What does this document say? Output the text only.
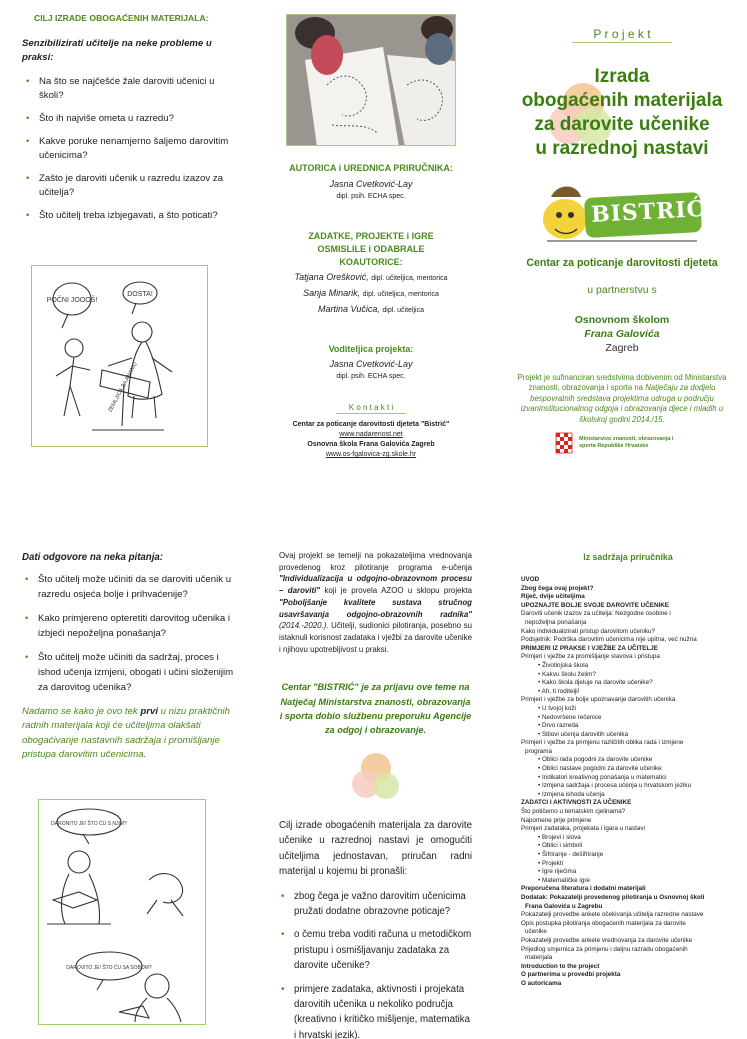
CILJ IZRADE OBOGAĆENIH MATERIJALA:
Senzibilizirati učitelje na neke probleme u praksi:
• Na što se najčešće žale daroviti učenici u školi?
• Što ih najviše ometa u razredu?
• Kakve poruke nenamjerno šaljemo darovitim učenicima?
• Zašto je daroviti učenik u razredu izazov za učitelja?
• Što učitelj treba izbjegavati, a što poticati?
POČNI JOOOŠ!
DOSTA!
ZEMLJICA ZA ANAMU
AUTORICA i UREDNICA PRIRUČNIKA:
Jasna Cvetković-Lay
dipl. psih. ECHA spec.
ZADATKE, PROJEKTE i IGRE OSMISLILE i ODABRALE KOAUTORICE:
Tatjana Orešković, dipl. učiteljica, mentorica
Sanja Minarik, dipl. učiteljica, mentorica
Martina Vučica, dipl. učiteljica
Voditeljica projekta:
Jasna Cvetković-Lay
dipl. psih. ECHA spec.
K o n t a k t i
Centar za poticanje darovitosti djeteta "Bistrić"
www.nadarenost.net
Osnovna škola Frana Galovića Zagreb
www.os-fgalovica-zg.skole.hr
P r o j e k t
Izrada
obogaćenih materijala
za darovite učenike
u razrednoj nastavi
BISTRIĆ
Centar za poticanje darovitosti djeteta
u partnerstvu s
Osnovnom školom
Frana Galovića
Zagreb
Projekt je sufinanciran sredstvima dobivenim od Ministarstva znanosti, obrazovanja i sporta na Natječaju za dodjelu bespovratnih sredstava projektima udruga u području izvaninstitucionalnog odgoja i obrazovanja djece i mladih u školskoj godini 2014./15.
Ministarstvo znanosti, obrazovanja i sporta Republike Hrvatske
Dati odgovore na neka pitanja:
• Što učitelj može učiniti da se daroviti učenik u razredu osjeća bolje i prihvaćenije?
• Kako primjereno opteretiti darovitog učenika i izbjeći nepoželjna ponašanja?
• Što učitelj može učiniti da sadržaj, proces i ishod učenja izmjeni, obogati i učini složenijim za darovitog učenika?
Nadamo se kako je ovo tek prvi u nizu praktičnih radnih materijala koji će učiteljima olakšati obogaćivanje nastavnih sadržaja i promišljanje pristupa darovitim učenicima.
DARONITO JE! ŠTO ĆU S NJIM?
DAROVITO JE! ŠTO ĆU SA SOBOM?
Ovaj projekt se temelji na pokazateljima vrednovanja provedenog kroz pilotiranje programa e-učenja "Individualizacija u odgojno-obrazovnom procesu – daroviti" koji je provela AZOO u sklopu projekta "Poboljšanje kvalitete sustava stručnog usavršavanja odgojno-obrazovnih radnika" (2014.-2020.). Učitelji, sudionici pilotiranja, posebno su istaknuli korisnost zadataka i vježbi za darovite učenike i njihovu upotrebljivost u praksi.
Centar "BISTRIĆ" je za prijavu ove teme na Natječaj Ministarstva znanosti, obrazovanja i sporta dobio službenu preporuku Agencije za odgoj i obrazovanje.
Cilj izrade obogaćenih materijala za darovite učenike u razrednoj nastavi je omogućiti učiteljima jednostavan, priručan radni materijal u kojemu bi pronašli:
• zbog čega je važno darovitim učenicima pružati dodatne obrazovne poticaje?
• o čemu treba voditi računa u metodičkom pristupu i osmišljavanju zadataka za darovite učenike?
• primjere zadataka, aktivnosti i projekata darovitih učenika u nekoliko područja (kreativno i kritičko mišljenje, matematika i hrvatski jezik).
Iz sadržaja priručnika
UVOD
Zbog čega ovaj projekt?
Riječ, dvije učiteljima
UPOZNAJTE BOLJE SVOJE DAROVITE UČENIKE
Daroviti učenik izazov za učitelja: Nezgodne osobine i
nepoželjna ponašanja
Kako individualizirati pristup darovitom učeniku?
Podsjetnik: Podrška darovitim učenicima nije upitna, već nužna
PRIMJERI IZ PRAKSE I VJEŽBE ZA UČITELJE
Primjeri i vježbe za promišljanje stavova i pristupa
• Životinjska škola
• Kakvu školu želim?
• Kako škola djeluje na darovite učenike?
• Ah, ti roditelji!
Primjeri i vježbe za bolje upoznavanje darovitih učenika
• U tvojoj koži
• Nedovršene rečenice
• Drvo razreda
• Stilovi učenja darovitih učenika
Primjeri i vježbe za primjenu različitih oblika rada i izmjene
programa
• Oblici rada pogodni za darovite učenike
• Oblici nastave pogodni za darovite učenike
• Indikatori kreativnog ponašanja u matematici
• Izmjena sadržaja i procesa učenja u hrvatskom jeziku
• Izmjena ishoda učenja
ZADATCI I AKTIVNOSTI ZA UČENIKE
Što potičemo u tematskim cjelinama?
Napomene prije primjene
Primjeri zadataka, projekata i igara u nastavi
• Brojevi i slova
• Oblici i simboli
• Šifriranje - dešifriranje
• Projekti
• Igre riječima
• Matematičke igre
Preporučena literatura i dodatni materijali
Dodatak: Pokazatelji provedenog pilotiranja u Osnovnoj školi
Frana Galovića u Zagrebu
Pokazatelji provedbe ankete očekivanja učitelja razredne nastave
Opis postupka pilotiranja obogaćenih materijala za darovite
učenike
Pokazatelji provedbe ankete vrednovanja za darovite učenike
Prijedlog smjernica za primjenu i daljnu razradu obogaćenih
materijala
Introduction to the project
O partnerima u provedbi projekta
O autoricama
